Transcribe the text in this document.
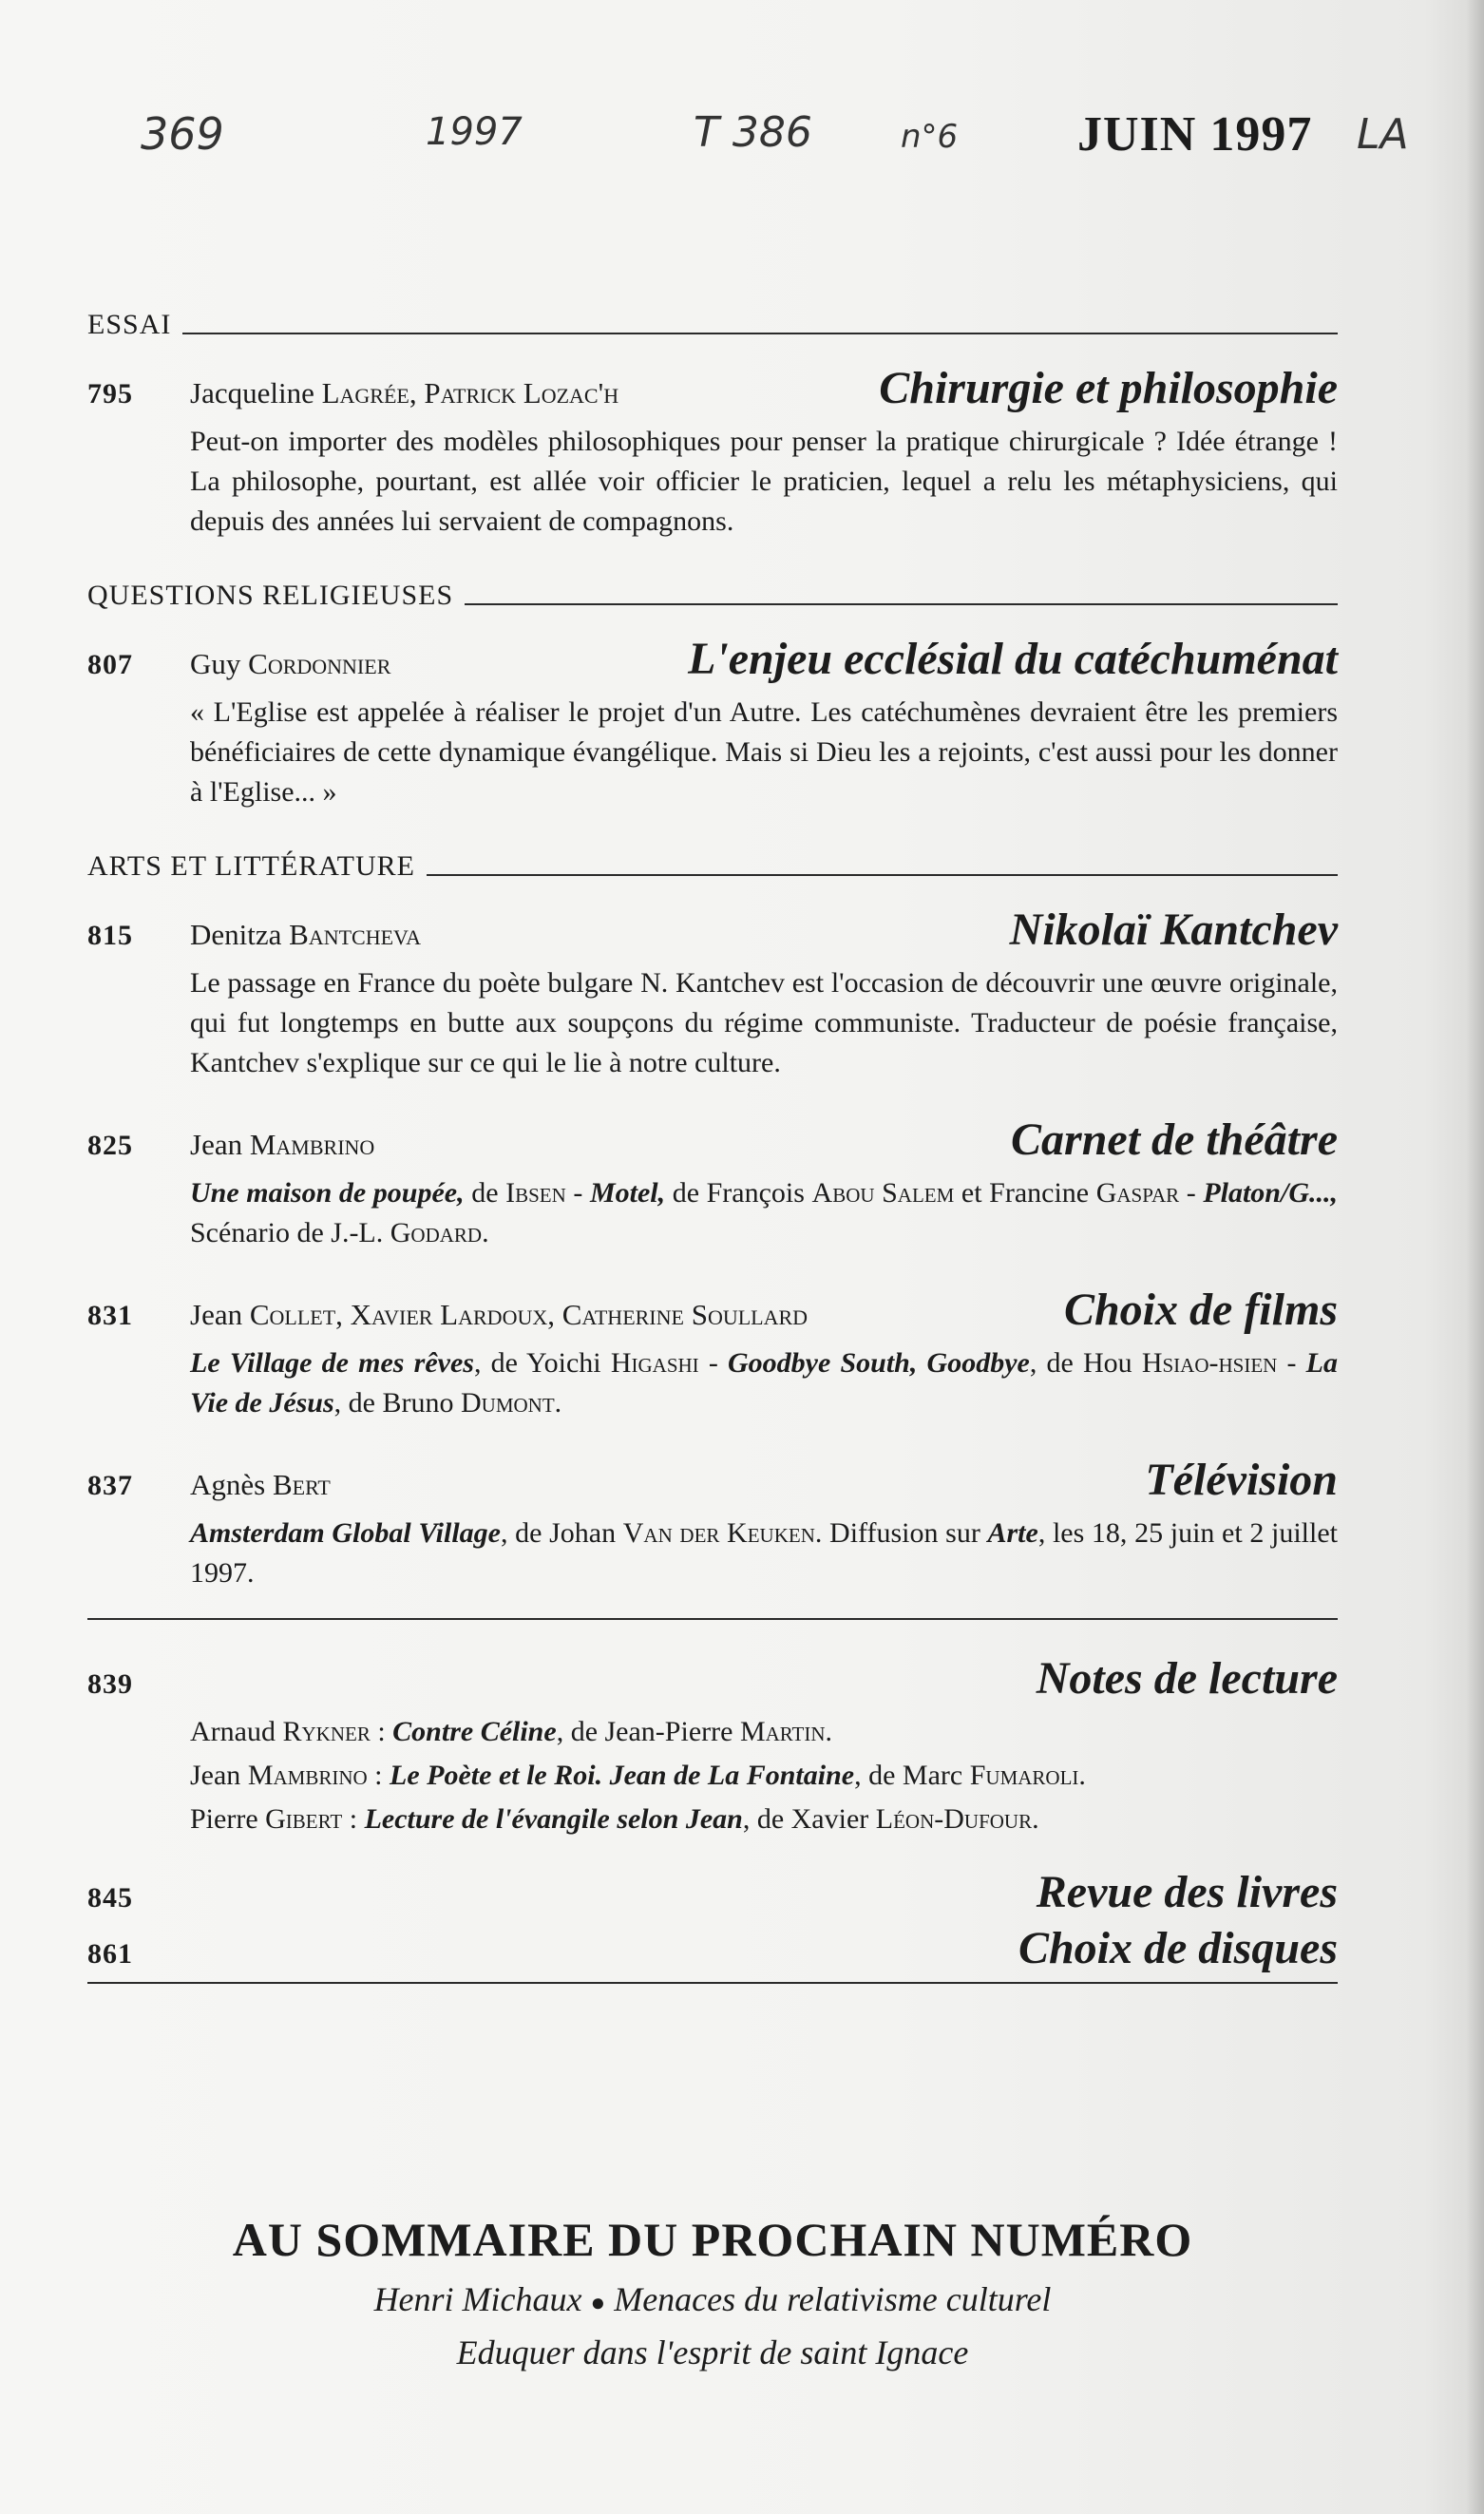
369	1997	T 386	n°6 JUIN 1997 LA
ESSAI
795	Jacqueline Lagrée, Patrick Lozac'h	Chirurgie et philosophie
Peut-on importer des modèles philosophiques pour penser la pratique chirurgicale ? Idée étrange ! La philosophe, pourtant, est allée voir officier le praticien, lequel a relu les métaphysiciens, qui depuis des années lui servaient de compagnons.
QUESTIONS RELIGIEUSES
807	Guy Cordonnier	L'enjeu ecclésial du catéchuménat
« L'Eglise est appelée à réaliser le projet d'un Autre. Les catéchumènes devraient être les premiers bénéficiaires de cette dynamique évangélique. Mais si Dieu les a rejoints, c'est aussi pour les donner à l'Eglise... »
ARTS ET LITTÉRATURE
815	Denitza Bantcheva	Nikolaï Kantchev
Le passage en France du poète bulgare N. Kantchev est l'occasion de découvrir une œuvre originale, qui fut longtemps en butte aux soupçons du régime communiste. Traducteur de poésie française, Kantchev s'explique sur ce qui le lie à notre culture.
825	Jean Mambrino	Carnet de théâtre
Une maison de poupée, de Ibsen - Motel, de François Abou Salem et Francine Gaspar - Platon/G..., Scénario de J.-L. Godard.
831	Jean Collet, Xavier Lardoux, Catherine Soullard	Choix de films
Le Village de mes rêves, de Yoichi Higashi - Goodbye South, Goodbye, de Hou Hsiao-hsien - La Vie de Jésus, de Bruno Dumont.
837	Agnès Bert	Télévision
Amsterdam Global Village, de Johan Van der Keuken. Diffusion sur Arte, les 18, 25 juin et 2 juillet 1997.
839	Notes de lecture
Arnaud Rykner : Contre Céline, de Jean-Pierre Martin.
Jean Mambrino : Le Poète et le Roi. Jean de La Fontaine, de Marc Fumaroli.
Pierre Gibert : Lecture de l'évangile selon Jean, de Xavier Léon-Dufour.
845	Revue des livres
861	Choix de disques
AU SOMMAIRE DU PROCHAIN NUMÉRO
Henri Michaux ● Menaces du relativisme culturel
Eduquer dans l'esprit de saint Ignace
